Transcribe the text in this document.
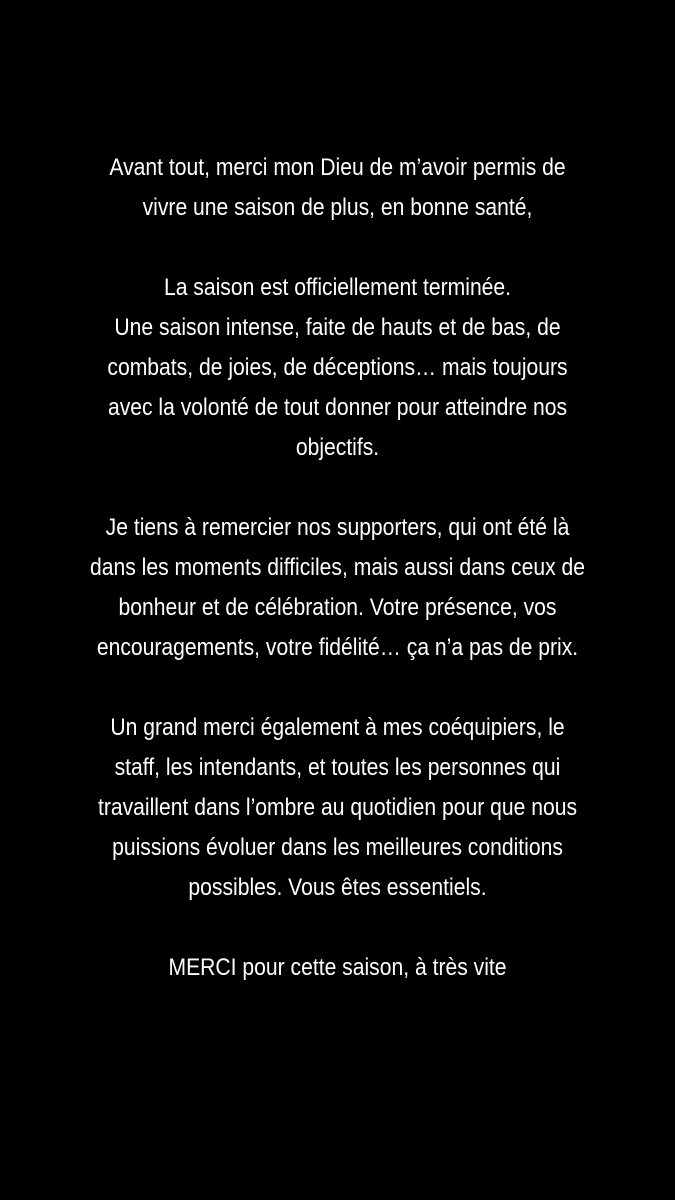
Avant tout, merci mon Dieu de m’avoir permis de
vivre une saison de plus, en bonne santé,
La saison est officiellement terminée.
Une saison intense, faite de hauts et de bas, de
combats, de joies, de déceptions… mais toujours
avec la volonté de tout donner pour atteindre nos
objectifs.
Je tiens à remercier nos supporters, qui ont été là
dans les moments difficiles, mais aussi dans ceux de
bonheur et de célébration. Votre présence, vos
encouragements, votre fidélité… ça n’a pas de prix.
Un grand merci également à mes coéquipiers, le
staff, les intendants, et toutes les personnes qui
travaillent dans l’ombre au quotidien pour que nous
puissions évoluer dans les meilleures conditions
possibles. Vous êtes essentiels.
MERCI pour cette saison, à très vite
